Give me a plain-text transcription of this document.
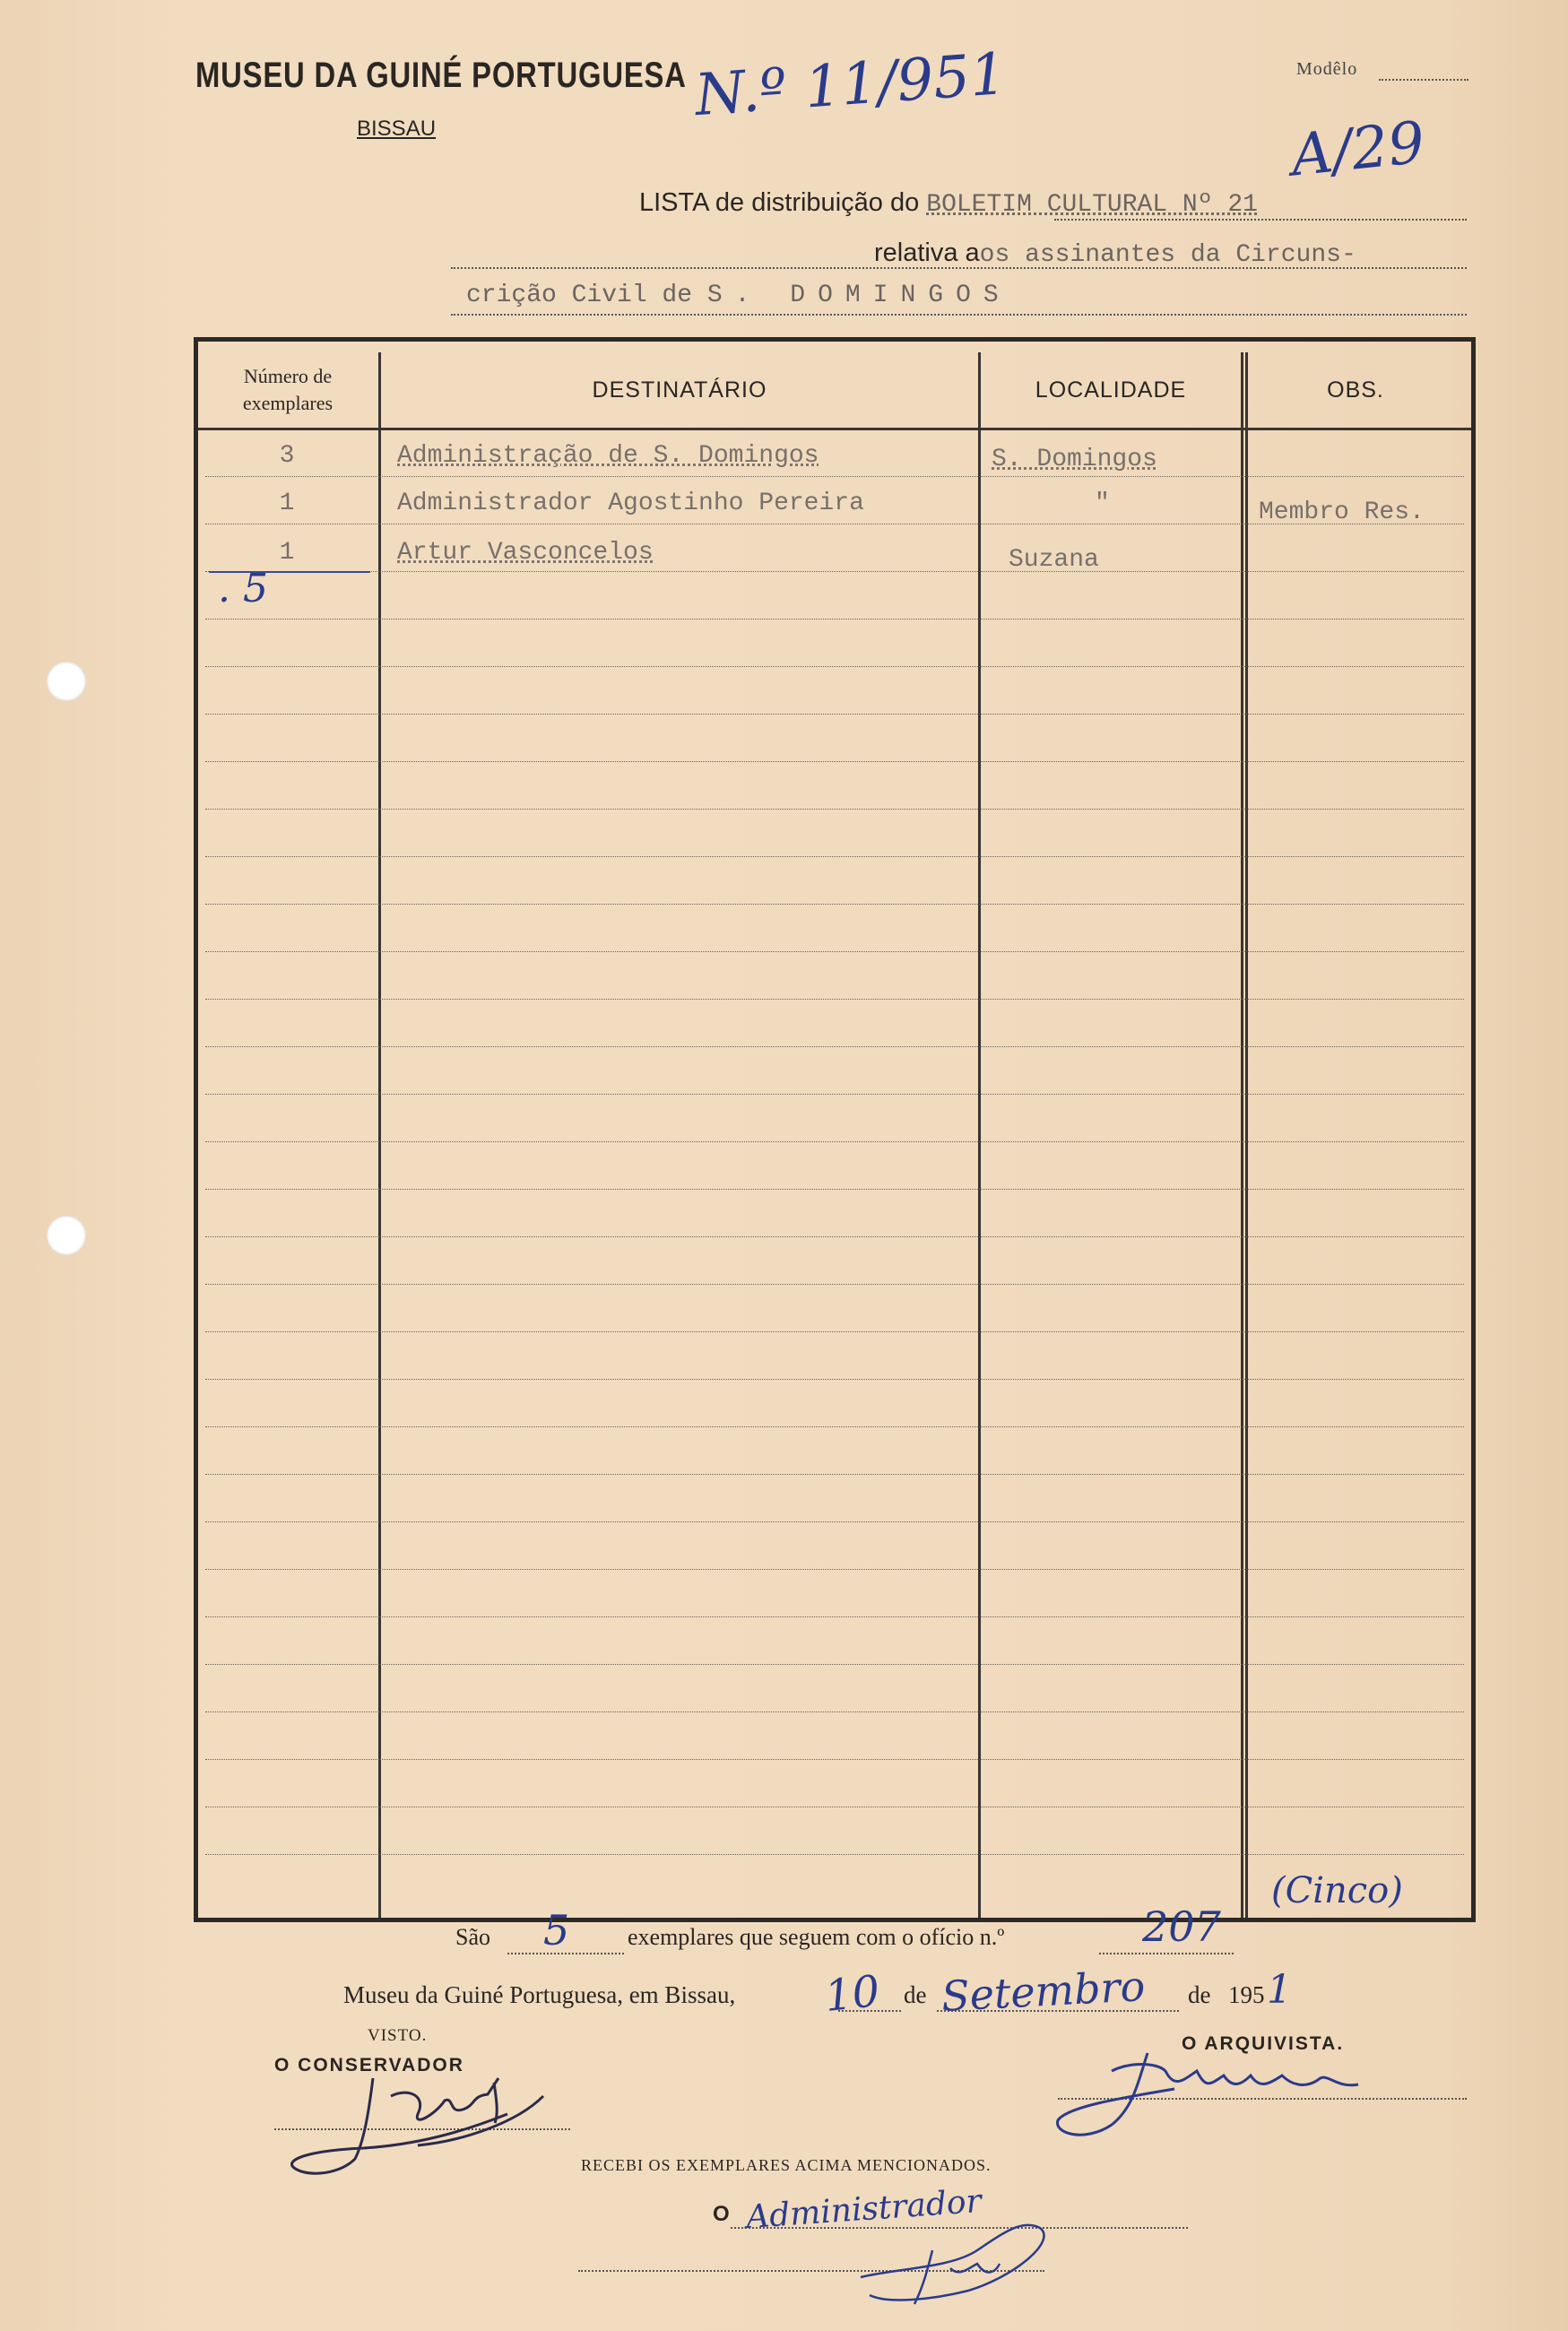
MUSEU DA GUINÉ PORTUGUESA
BISSAU	N.º 11/951	Modêlo
A/29
LISTA de distribuição do BOLETIM CULTURAL Nº 21
relativa aos assinantes da Circuns-
crição Civil de S. DOMINGOS
Número de
exemplares
DESTINATÁRIO	LOCALIDADE	OBS.
3	Administração de S. Domingos	S. Domingos
1	Administrador Agostinho Pereira	"	Membro Res.
1	Artur Vasconcelos	Suzana
. 5
(Cinco)
São 5 exemplares que seguem com o ofício n.º	207
Museu da Guiné Portuguesa, em Bissau, 10 de Setembro de 195 1
VISTO.
O CONSERVADOR
O ARQUIVISTA.
RECEBI OS EXEMPLARES ACIMA MENCIONADOS.
O Administrador
